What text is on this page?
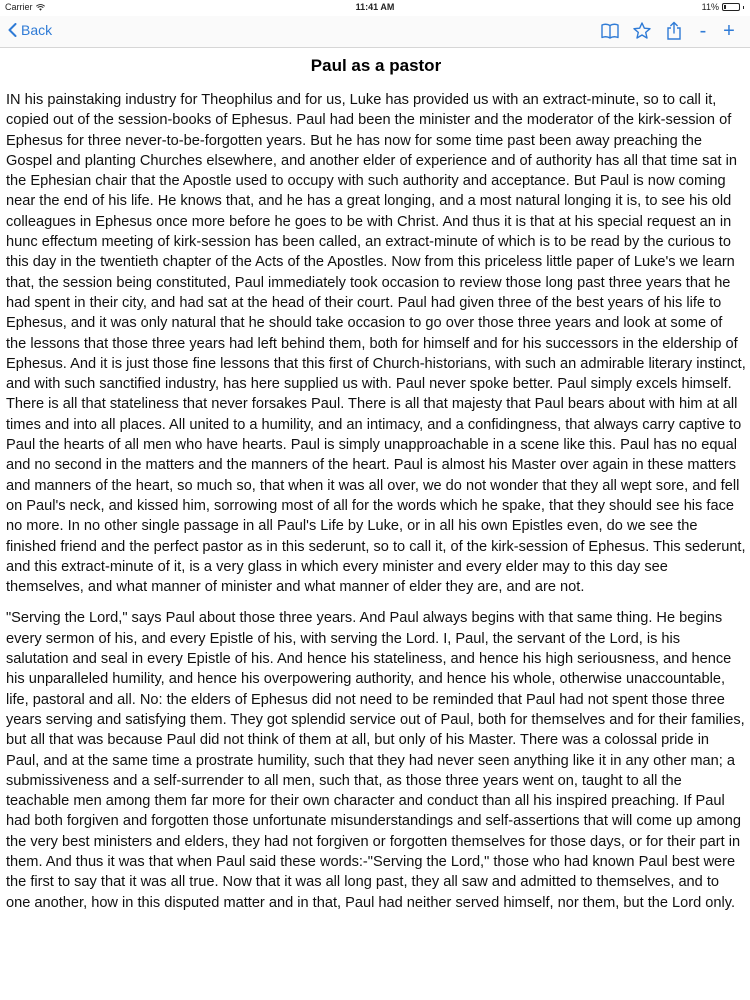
Carrier	11:41 AM	11%
Back	- +
Paul as a pastor

IN his painstaking industry for Theophilus and for us, Luke has provided us with an extract-minute, so to call it, copied out of the session-books of Ephesus. Paul had been the minister and the moderator of the kirk-session of Ephesus for three never-to-be-forgotten years. But he has now for some time past been away preaching the Gospel and planting Churches elsewhere, and another elder of experience and of authority has all that time sat in the Ephesian chair that the Apostle used to occupy with such authority and acceptance. But Paul is now coming near the end of his life. He knows that, and he has a great longing, and a most natural longing it is, to see his old colleagues in Ephesus once more before he goes to be with Christ. And thus it is that at his special request an in hunc effectum meeting of kirk-session has been called, an extract-minute of which is to be read by the curious to this day in the twentieth chapter of the Acts of the Apostles. Now from this priceless little paper of Luke's we learn that, the session being constituted, Paul immediately took occasion to review those long past three years that he had spent in their city, and had sat at the head of their court. Paul had given three of the best years of his life to Ephesus, and it was only natural that he should take occasion to go over those three years and look at some of the lessons that those three years had left behind them, both for himself and for his successors in the eldership of Ephesus. And it is just those fine lessons that this first of Church-historians, with such an admirable literary instinct, and with such sanctified industry, has here supplied us with. Paul never spoke better. Paul simply excels himself. There is all that stateliness that never forsakes Paul. There is all that majesty that Paul bears about with him at all times and into all places. All united to a humility, and an intimacy, and a confidingness, that always carry captive to Paul the hearts of all men who have hearts. Paul is simply unapproachable in a scene like this. Paul has no equal and no second in the matters and the manners of the heart. Paul is almost his Master over again in these matters and manners of the heart, so much so, that when it was all over, we do not wonder that they all wept sore, and fell on Paul's neck, and kissed him, sorrowing most of all for the words which he spake, that they should see his face no more. In no other single passage in all Paul's Life by Luke, or in all his own Epistles even, do we see the finished friend and the perfect pastor as in this sederunt, so to call it, of the kirk-session of Ephesus. This sederunt, and this extract-minute of it, is a very glass in which every minister and every elder may to this day see themselves, and what manner of minister and what manner of elder they are, and are not.

"Serving the Lord," says Paul about those three years. And Paul always begins with that same thing. He begins every sermon of his, and every Epistle of his, with serving the Lord. I, Paul, the servant of the Lord, is his salutation and seal in every Epistle of his. And hence his stateliness, and hence his high seriousness, and hence his unparalleled humility, and hence his overpowering authority, and hence his whole, otherwise unaccountable, life, pastoral and all. No: the elders of Ephesus did not need to be reminded that Paul had not spent those three years serving and satisfying them. They got splendid service out of Paul, both for themselves and for their families, but all that was because Paul did not think of them at all, but only of his Master. There was a colossal pride in Paul, and at the same time a prostrate humility, such that they had never seen anything like it in any other man; a submissiveness and a self-surrender to all men, such that, as those three years went on, taught to all the teachable men among them far more for their own character and conduct than all his inspired preaching. If Paul had both forgiven and forgotten those unfortunate misunderstandings and self-assertions that will come up among the very best ministers and elders, they had not forgiven or forgotten themselves for those days, or for their part in them. And thus it was that when Paul said these words:-"Serving the Lord," those who had known Paul best were the first to say that it was all true. Now that it was all long past, they all saw and admitted to themselves, and to one another, how in this disputed matter and in that, Paul had neither served himself, nor them, but the Lord only.
